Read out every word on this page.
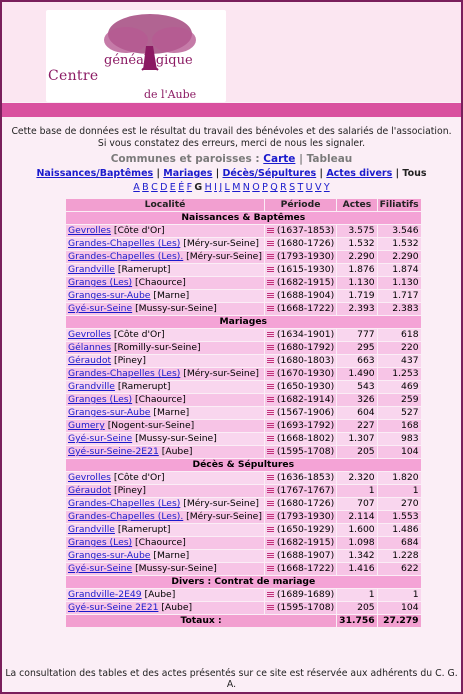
généalogique
Centre
de l'Aube
Cette base de données est le résultat du travail des bénévoles et des salariés de l'association.
Si vous constatez des erreurs, merci de nous les signaler.
Communes et paroisses : Carte | Tableau
Naissances/Baptêmes | Mariages | Décès/Sépultures | Actes divers | Tous
A B C D E É F G H I J L M N O P Q R S T U V Y
Localité	Période	Actes	Filiatifs
Naissances & Baptêmes			
Gevrolles [Côte d'Or]	(1637-1853)	3.575	3.546
Grandes-Chapelles (Les) [Méry-sur-Seine]	(1680-1726)	1.532	1.532
Grandes-Chapelles (Les). [Méry-sur-Seine]	(1793-1930)	2.290	2.290
Grandville [Ramerupt]	(1615-1930)	1.876	1.874
Granges (Les) [Chaource]	(1682-1915)	1.130	1.130
Granges-sur-Aube [Marne]	(1688-1904)	1.719	1.717
Gyé-sur-Seine [Mussy-sur-Seine]	(1668-1722)	2.393	2.383
Mariages			
Gevrolles [Côte d'Or]	(1634-1901)	777	618
Gélannes [Romilly-sur-Seine]	(1680-1792)	295	220
Géraudot [Piney]	(1680-1803)	663	437
Grandes-Chapelles (Les) [Méry-sur-Seine]	(1670-1930)	1.490	1.253
Grandville [Ramerupt]	(1650-1930)	543	469
Granges (Les) [Chaource]	(1682-1914)	326	259
Granges-sur-Aube [Marne]	(1567-1906)	604	527
Gumery [Nogent-sur-Seine]	(1693-1792)	227	168
Gyé-sur-Seine [Mussy-sur-Seine]	(1668-1802)	1.307	983
Gyé-sur-Seine-2E21 [Aube]	(1595-1708)	205	104
Décès & Sépultures			
Gevrolles [Côte d'Or]	(1636-1853)	2.320	1.820
Géraudot [Piney]	(1767-1767)	1	1
Grandes-Chapelles (Les) [Méry-sur-Seine]	(1680-1726)	707	270
Grandes-Chapelles (Les). [Méry-sur-Seine]	(1793-1930)	2.114	1.553
Grandville [Ramerupt]	(1650-1929)	1.600	1.486
Granges (Les) [Chaource]	(1682-1915)	1.098	684
Granges-sur-Aube [Marne]	(1688-1907)	1.342	1.228
Gyé-sur-Seine [Mussy-sur-Seine]	(1668-1722)	1.416	622
Divers : Contrat de mariage			
Grandville-2E49 [Aube]	(1689-1689)	1	1
Gyé-sur-Seine 2E21 [Aube]	(1595-1708)	205	104
Totaux :		31.756	27.279
La consultation des tables et des actes présentés sur ce site est réservée aux adhérents du C. G. A.
